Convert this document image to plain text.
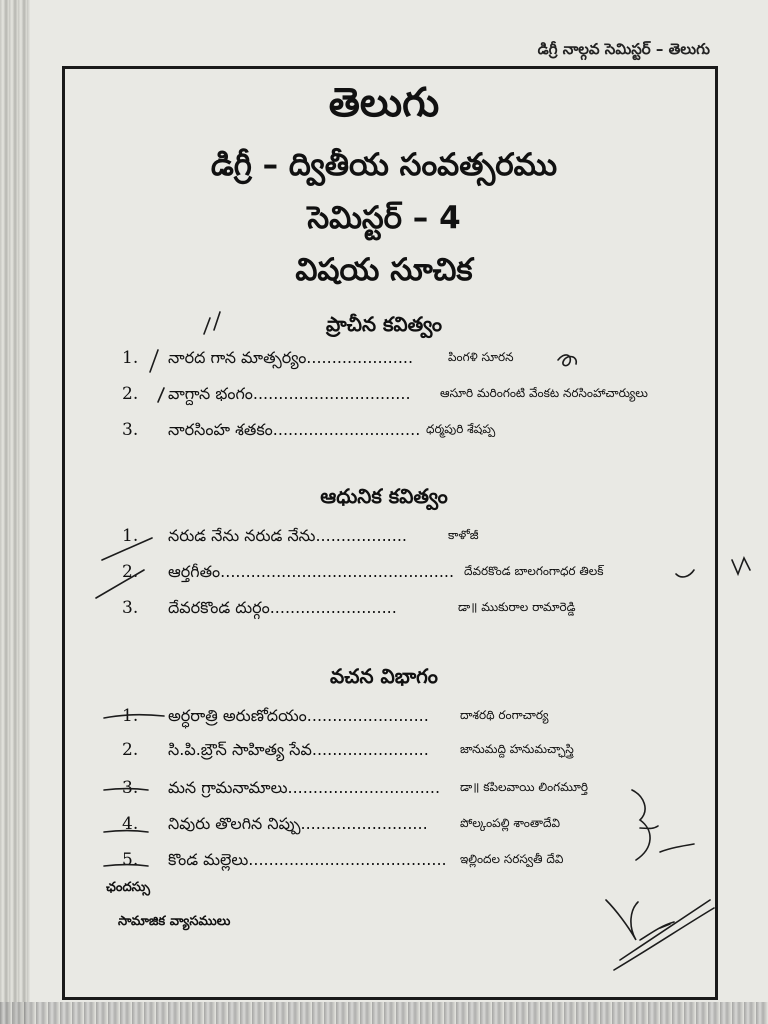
డిగ్రీ నాల్గవ సెమిస్టర్ – తెలుగు
తెలుగు
డిగ్రీ – ద్వితీయ సంవత్సరము
సెమిస్టర్ – 4
విషయ సూచిక
ప్రాచీన కవిత్వం
1. నారద గాన మాత్సర్యం.....................	పింగళి సూరన
2. వాగ్దాన భంగం............................... ఆసూరి మరింగంటి వేంకట నరసింహాచార్యులు
3. నారసింహ శతకం............................. ధర్మపురి శేషప్ప
ఆధునిక కవిత్వం
1. నరుడ నేను నరుడ నేను..................	కాళోజీ
2. ఆర్తగీతం.............................................. దేవరకొండ బాలగంగాధర తిలక్
3. దేవరకొండ దుర్గం.........................	డా॥ ముకురాల రామారెడ్డి
వచన విభాగం
1. అర్ధరాత్రి అరుణోదయం........................	దాశరథి రంగాచార్య
2. సి.పి.బ్రౌన్ సాహిత్య సేవ.......................	జానుమద్ది హనుమచ్ఛాస్త్రి
3. మన గ్రామనామాలు.............................. డా॥ కపిలవాయి లింగమూర్తి
4. నివురు తొలగిన నిప్పు.........................	పోల్కంపల్లి శాంతాదేవి
5. కొండ మల్లెలు....................................... ఇల్లిందల సరస్వతీ దేవి
ఛందస్సు
సామాజిక వ్యాసములు
